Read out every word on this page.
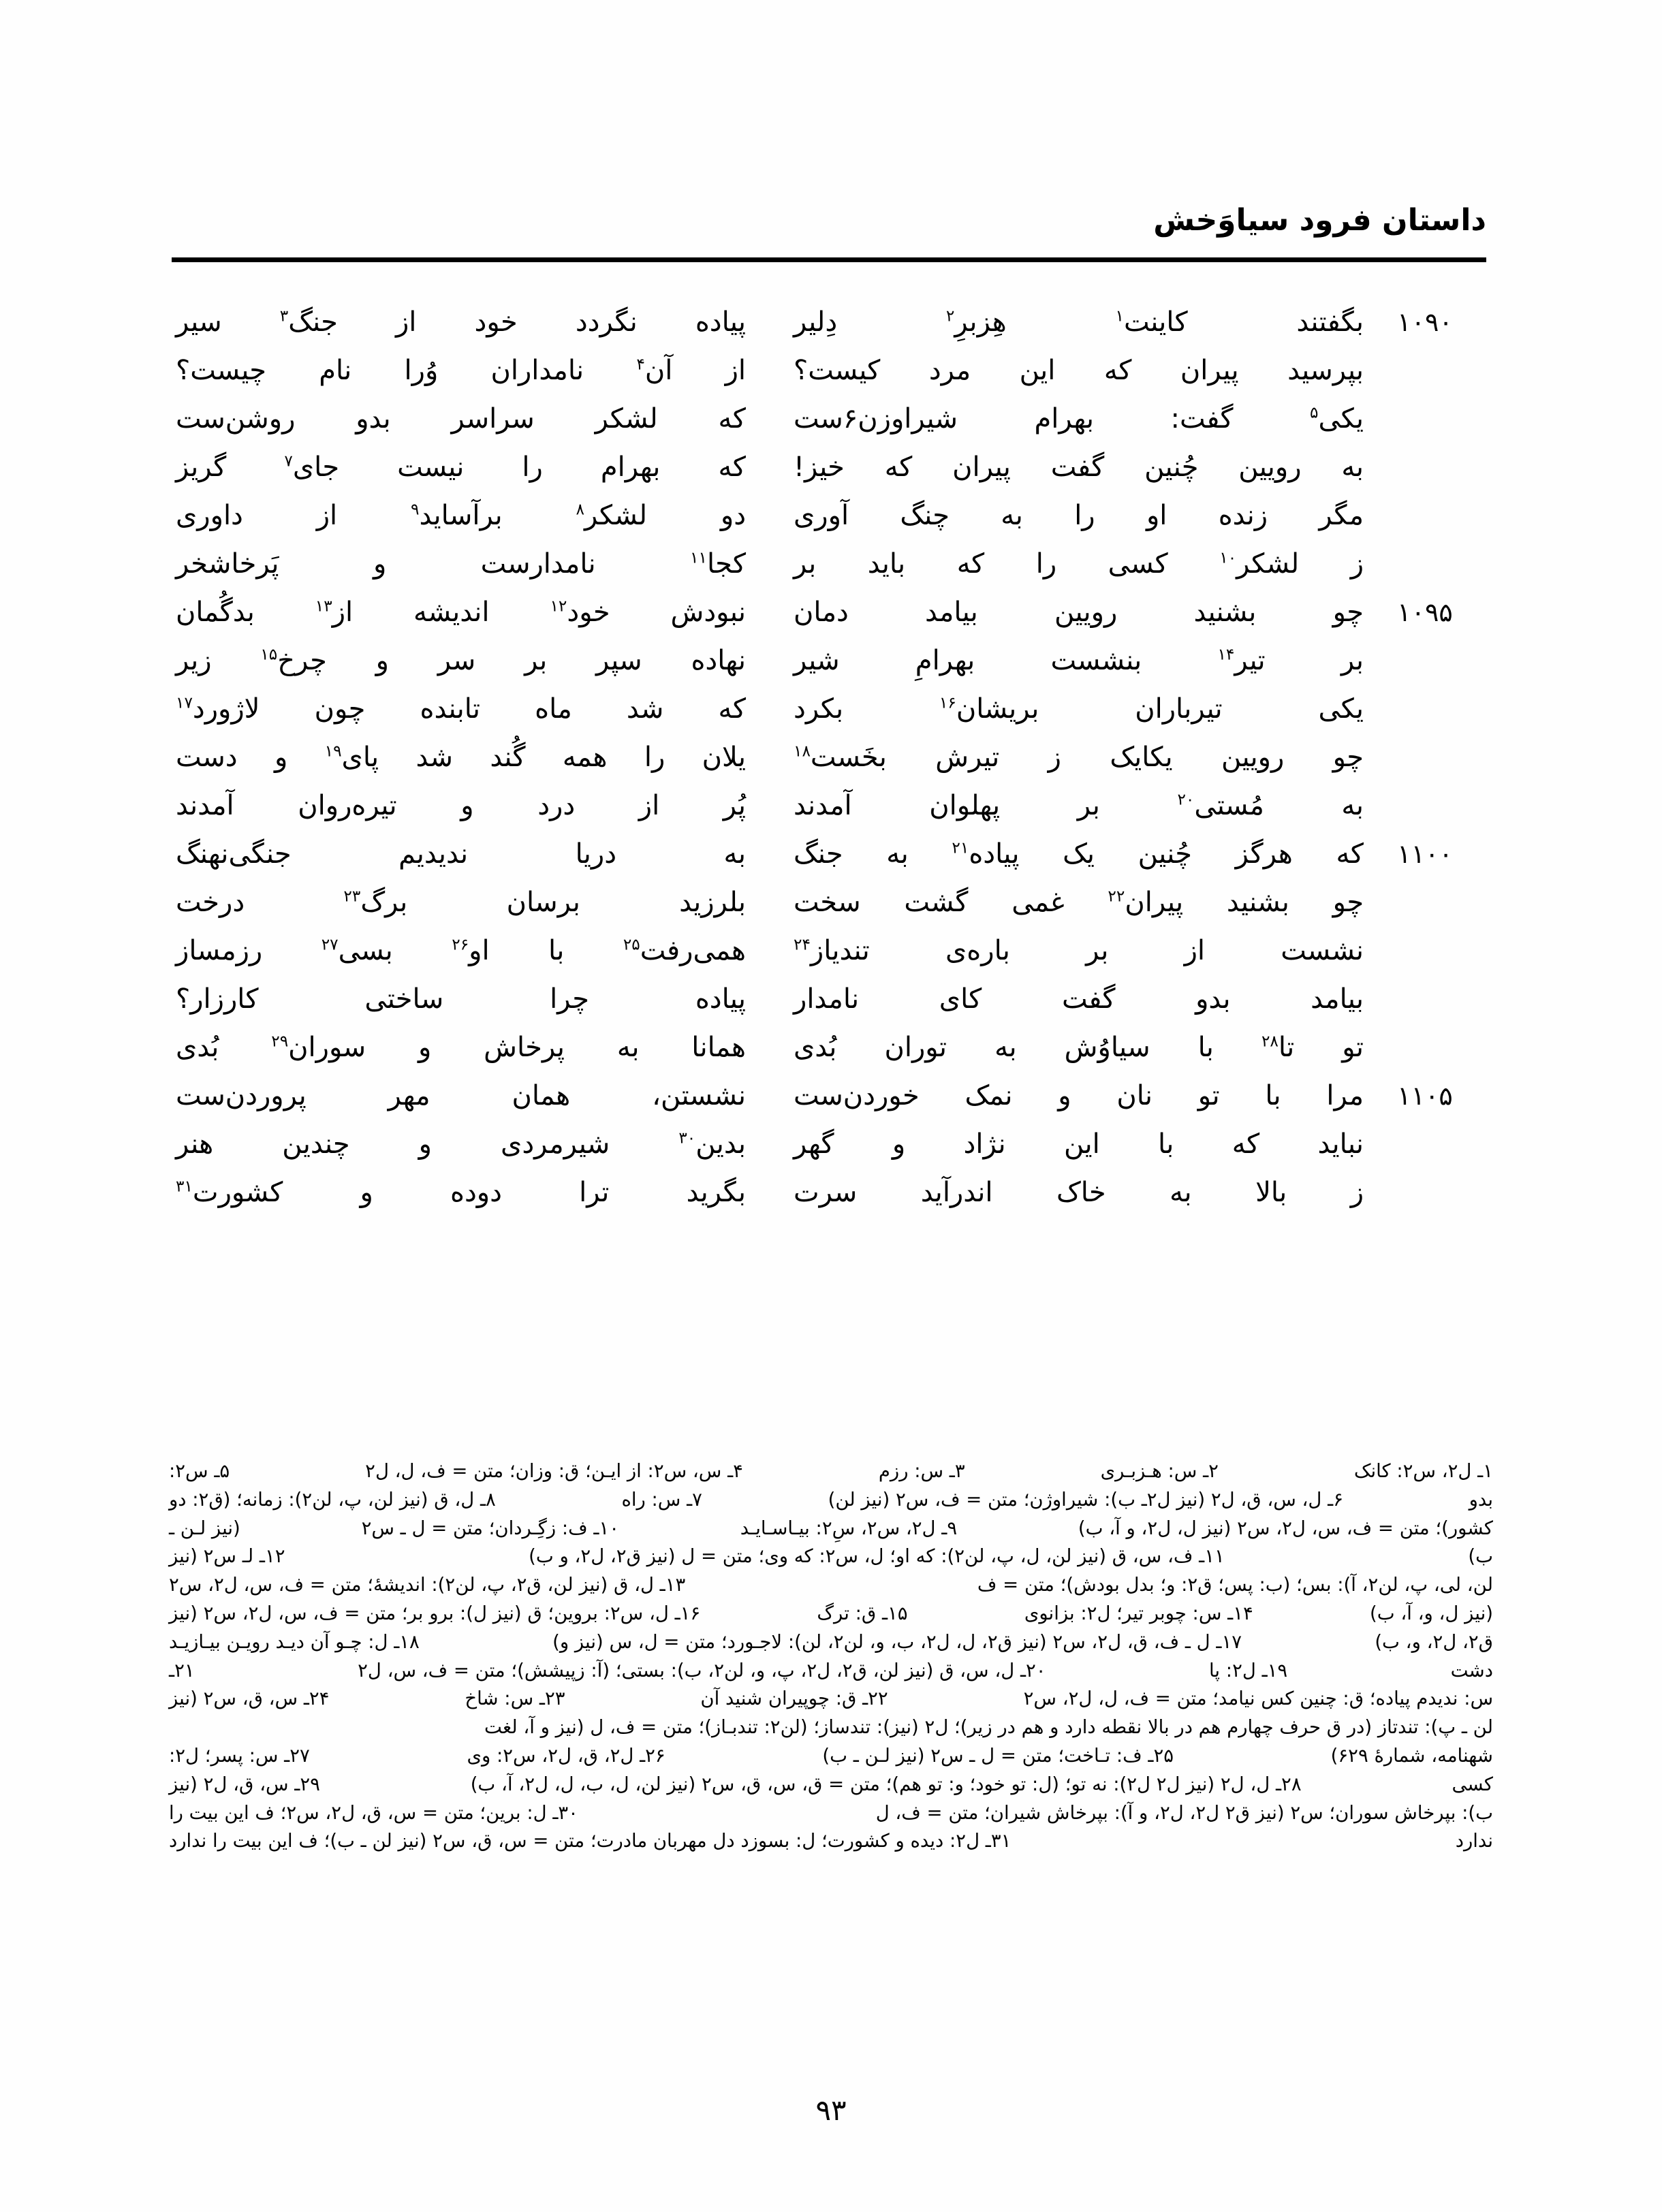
داستان فرود سیاوَخش
۱۰۹۰
بگفتند کاینت$^۱$ هِزبرِ$^۲$ دِلیر
پیاده نگردد خود از جنگ$^۳$ سیر
بپرسید پیران که این مرد کیست؟
از آن$^۴$ نامداران وُرا نام چیست؟
یکی$^۵$ گفت: بهرام شیراوزن۶ست
که لشکر سراسر بدو روشن‌ست
به رویین چُنین گفت پیران که خیز!
که بهرام را نیست جای$^۷$ گریز
مگر زنده او را به چنگ آوری
دو لشکر$^۸$ برآساید$^۹$ از داوری
ز لشکر$^{۱۰}$ کسی را که باید بر
کجا$^{۱۱}$ نامدارست و پَرخاشخر
۱۰۹۵
چو بشنید رویین بیامد دمان
نبودش خود$^{۱۲}$ اندیشه از$^{۱۳}$ بدگُمان
بر تیر$^{۱۴}$ بنشست بهرامِ شیر
نهاده سپر بر سر و چرخ$^{۱۵}$ زیر
یکی تیرباران بریشان$^{۱۶}$ بکرد
که شد ماه تابنده چون لاژورد$^{۱۷}$
چو رویین یکایک ز تیرش بخَست$^{۱۸}$
یلان را همه گُند شد پای$^{۱۹}$ و دست
به مُستی$^{۲۰}$ بر پهلوان آمدند
پُر از درد و تیره‌روان آمدند
۱۱۰۰
که هرگز چُنین یک پیاده$^{۲۱}$ به جنگ
به دریا ندیدیم جنگی‌نهنگ
چو بشنید پیران$^{۲۲}$ غمی گشت سخت
بلرزید برسان برگ$^{۲۳}$ درخت
نشست از بر باره‌ی تندیاز$^{۲۴}$
همی‌رفت$^{۲۵}$ با او$^{۲۶}$ بسی$^{۲۷}$ رزمساز
بیامد بدو گفت کای نامدار
پیاده چرا ساختی کارزار؟
تو تا$^{۲۸}$ با سیاوُش به توران بُدی
همانا به پرخاش و سوران$^{۲۹}$ بُدی
۱۱۰۵
مرا با تو نان و نمک خوردن‌ست
نشستن، همان مهر پروردن‌ست
نباید که با این نژاد و گهر
بدین$^{۳۰}$ شیرمردی و چندین هنر
ز بالا به خاک اندرآید سرت
بگرید ترا دوده و کشورت$^{۳۱}$
۱ـ ل۲، س۲: کانک  ۲ـ س: هـزبـری  ۳ـ س: رزم  ۴ـ س، س۲: از ایـن؛ ق: وزان؛ متن = ف، ل، ل۲  ۵ـ س۲:
بدو  ۶ـ ل، س، ق، ل۲ (نیز ل۲ـ ب): شیراوژن؛ متن = ف، س۲ (نیز لن)  ۷ـ س: راه  ۸ـ ل، ق (نیز لن، پ، لن۲): زمانه؛ (ق۲: دو
کشور)؛ متن = ف، س، ل۲، س۲ (نیز ل، ل۲، و آ، ب)  ۹ـ ل۲، س۲، سِ۲: بیـاسـایـد  ۱۰ـ ف: زگِـردان؛ متن = ل ـ س۲  (نیز لـن ـ
ب)  ۱۱ـ ف، س، ق (نیز لن، ل، پ، لن۲): که او؛ ل، س۲: که وی؛ متن = ل (نیز ق۲، ل۲، و ب)  ۱۲ـ لـ س۲ (نیز
لن، لی، پ، لن۲، آ): بس؛ (ب: پس؛ ق۲: و؛ بدل بودش)؛ متن = ف  ۱۳ـ ل، ق (نیز لن، ق۲، پ، لن۲): اندیشهٔ؛ متن = ف، س، ل۲، س۲
(نیز ل، و، آ، ب)  ۱۴ـ س: چوبر تیر؛ ل۲: بزانوی  ۱۵ـ ق: ترگ  ۱۶ـ ل، س۲: بروین؛ ق (نیز ل): برو بر؛ متن = ف، س، ل۲، س۲ (نیز
ق۲، ل۲، و، ب)  ۱۷ـ ل ـ ف، ق، ل۲، س۲ (نیز ق۲، ل، ل۲، ب، و، لن۲، لن): لاجـورد؛ متن = ل، س (نیز و)  ۱۸ـ ل: چـو آن دیـد رویـن بیـازیـد
دشت  ۱۹ـ ل۲: پا  ۲۰ـ ل، س، ق (نیز لن، ق۲، ل۲، پ، و، لن۲، ب): بستی؛ (آ: زپیشش)؛ متن = ف، س، ل۲  ۲۱ـ
س: ندیدم پیاده؛ ق: چنین کس نیامد؛ متن = ف، ل، ل۲، س۲  ۲۲ـ ق: چوپیران شنید آن  ۲۳ـ س: شاخ  ۲۴ـ س، ق، س۲ (نیز
لن ـ پ): تندتاز (در ق حرف چهارم هم در بالا نقطه دارد و هم در زیر)؛ ل۲ (نیز): تندساز؛ (لن۲: تندبـاز)؛ متن = ف، ل (نیز و آ، لغت
شهنامه، شمارهٔ ۶۲۹)  ۲۵ـ ف: تـاخت؛ متن = ل ـ س۲ (نیز لـن ـ ب)  ۲۶ـ ل۲، ق، ل۲، س۲: وی  ۲۷ـ س: پسر؛ ل۲:
کسی  ۲۸ـ ل، ل۲ (نیز ل۲ ل۲): نه تو؛ (ل: تو خود؛ و: تو هم)؛ متن = ق، س، ق، س۲ (نیز لن، ل، ب، ل، ل۲، آ، ب)  ۲۹ـ س، ق، ل۲ (نیز
ب): بپرخاش سوران؛ س۲ (نیز ق۲ ل۲، ل۲، و آ): بپرخاش شیران؛ متن = ف، ل  ۳۰ـ ل: برین؛ متن = س، ق، ل۲، س۲؛ ف این بیت را
ندارد  ۳۱ـ ل۲: دیده و کشورت؛ ل: بسوزد دل مهربان مادرت؛ متن = س، ق، س۲ (نیز لن ـ ب)؛ ف این بیت را ندارد
۹۳
